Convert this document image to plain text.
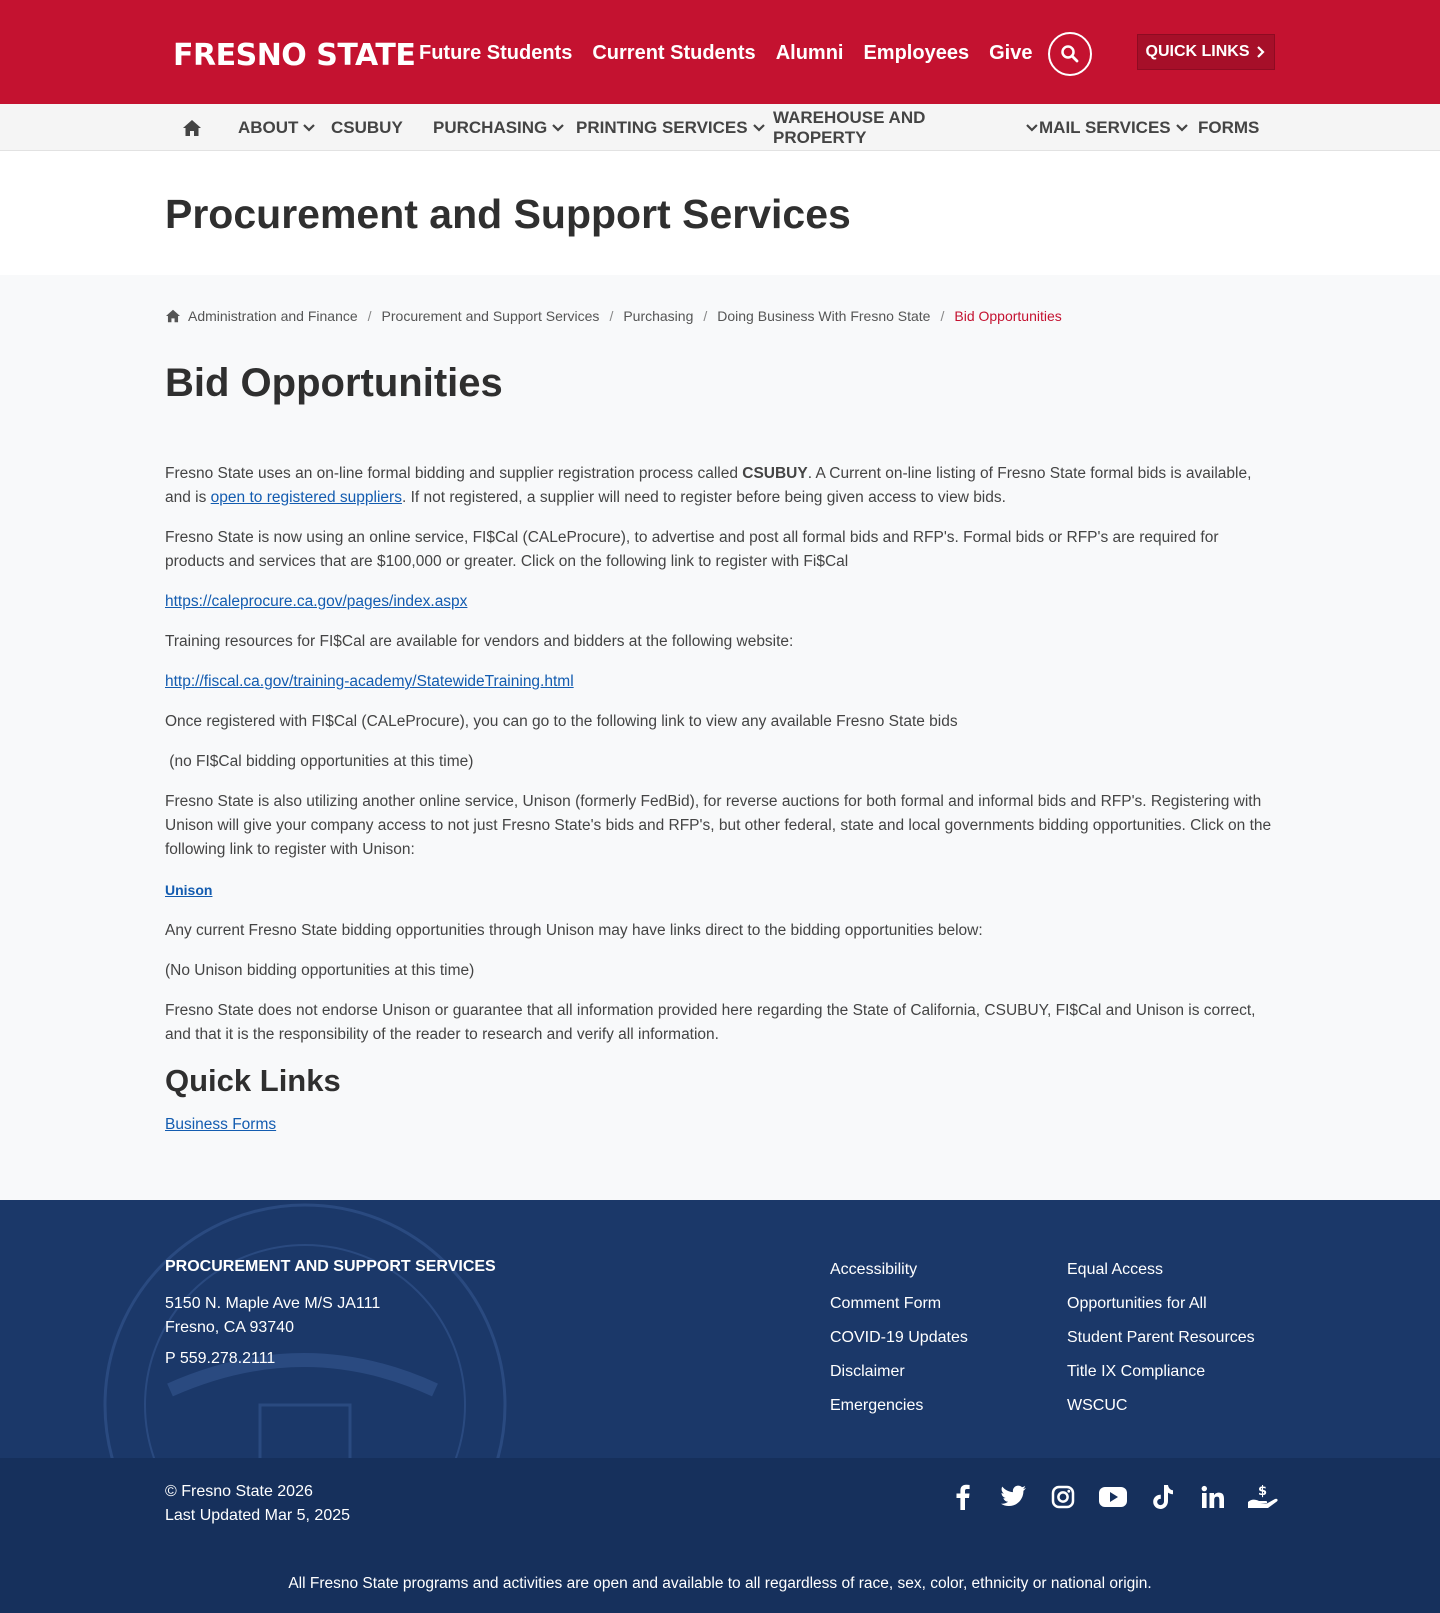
FRESNO STATE Future Students Current Students Alumni Employees Give	QUICK LINKS
ABOUT CSUBUY PURCHASING PRINTING SERVICES
WAREHOUSE AND PROPERTY
MAIL SERVICES FORMS
Procurement and Support Services
Administration and Finance / Procurement and Support Services / Purchasing / Doing Business With Fresno State / Bid Opportunities
Bid Opportunities

Fresno State uses an on-line formal bidding and supplier registration process called CSUBUY. A Current on-line listing of Fresno State formal bids is available, and is open to registered suppliers. If not registered, a supplier will need to register before being given access to view bids.

Fresno State is now using an online service, FI$Cal (CALeProcure), to advertise and post all formal bids and RFP's. Formal bids or RFP's are required for products and services that are $100,000 or greater. Click on the following link to register with Fi$Cal

https://caleprocure.ca.gov/pages/index.aspx

Training resources for FI$Cal are available for vendors and bidders at the following website:

http://fiscal.ca.gov/training-academy/StatewideTraining.html

Once registered with FI$Cal (CALeProcure), you can go to the following link to view any available Fresno State bids

(no FI$Cal bidding opportunities at this time)

Fresno State is also utilizing another online service, Unison (formerly FedBid), for reverse auctions for both formal and informal bids and RFP's. Registering with Unison will give your company access to not just Fresno State's bids and RFP's, but other federal, state and local governments bidding opportunities. Click on the following link to register with Unison:

Unison

Any current Fresno State bidding opportunities through Unison may have links direct to the bidding opportunities below:

(No Unison bidding opportunities at this time)

Fresno State does not endorse Unison or guarantee that all information provided here regarding the State of California, CSUBUY, FI$Cal and Unison is correct, and that it is the responsibility of the reader to research and verify all information.

Quick Links

Business Forms

PROCUREMENT AND SUPPORT SERVICES
5150 N. Maple Ave M/S JA111
Fresno, CA 93740
P 559.278.2111
Accessibility
Comment Form
COVID-19 Updates
Disclaimer
Emergencies
Equal Access
Opportunities for All
Student Parent Resources
Title IX Compliance
WSCUC
© Fresno State 2026
Last Updated Mar 5, 2025
$
All Fresno State programs and activities are open and available to all regardless of race, sex, color, ethnicity or national origin.
